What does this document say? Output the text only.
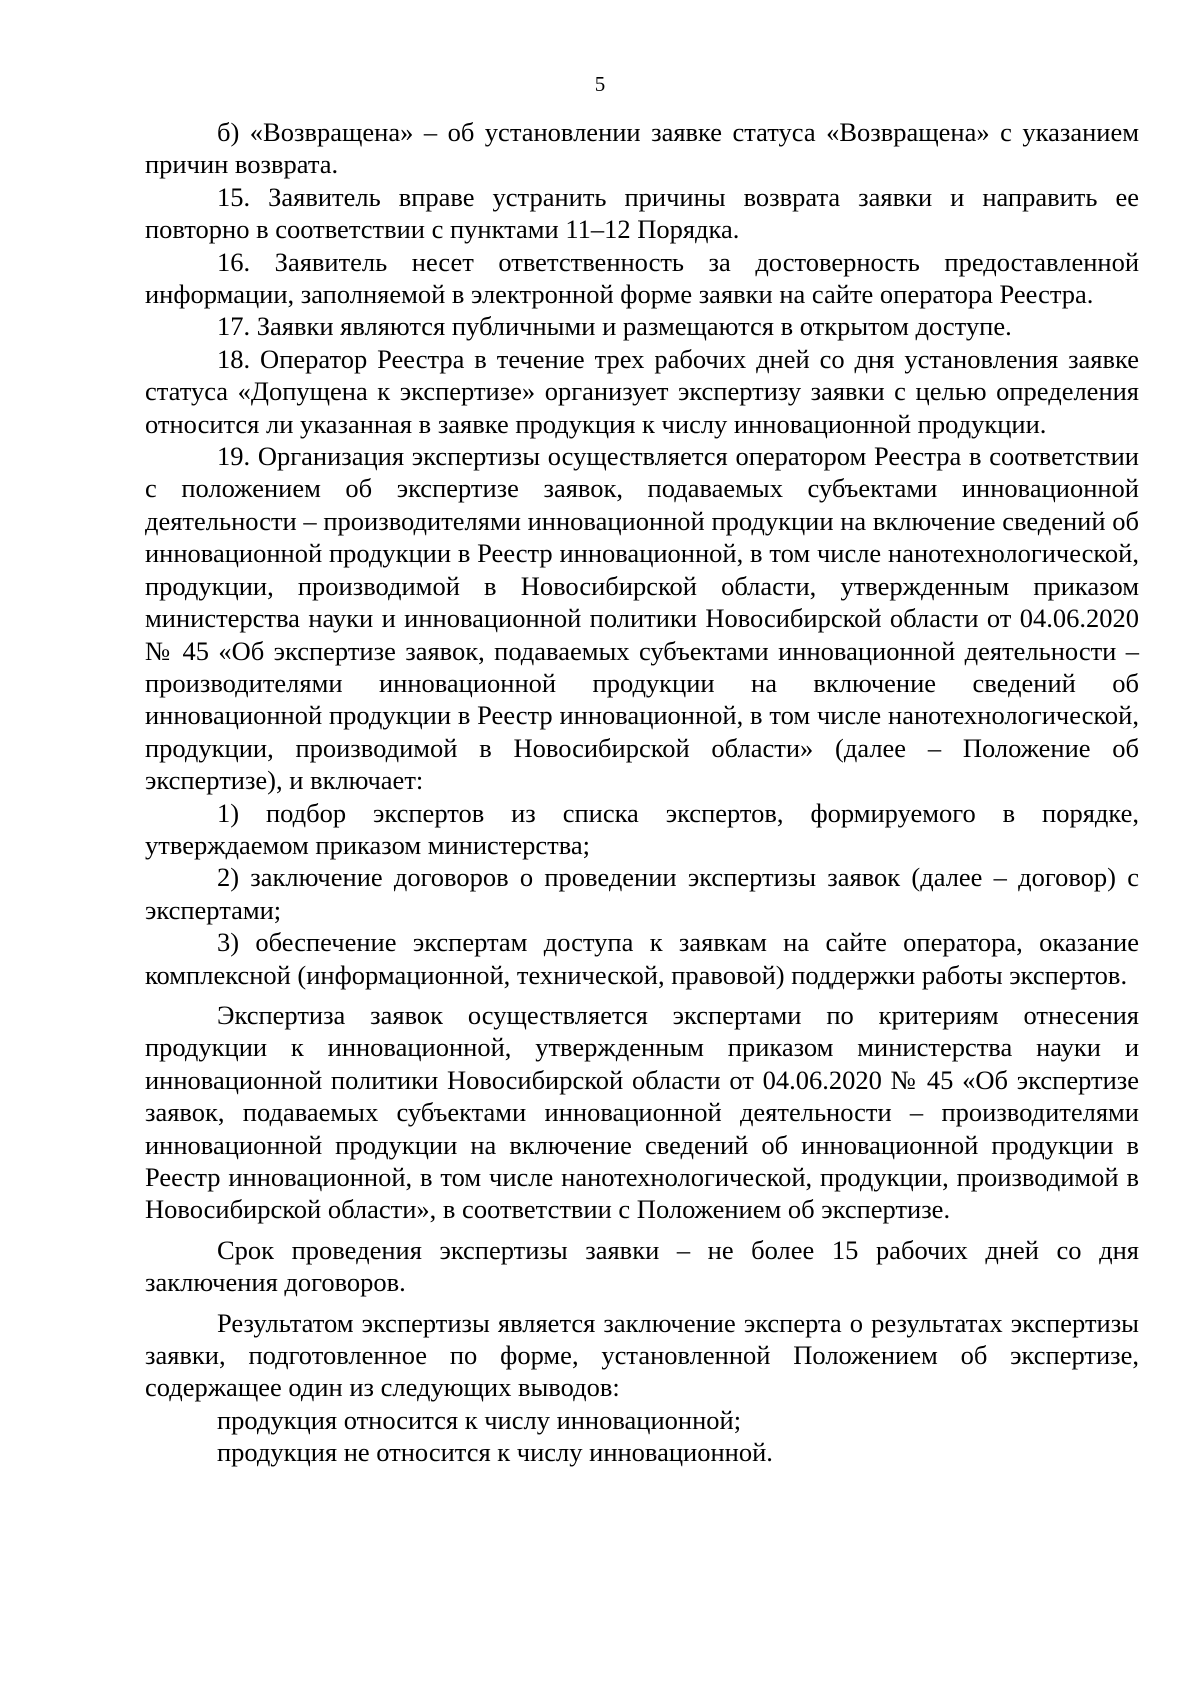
5

б) «Возвращена» – об установлении заявке статуса «Возвращена» с указанием причин возврата.

15. Заявитель вправе устранить причины возврата заявки и направить ее повторно в соответствии с пунктами 11–12 Порядка.

16. Заявитель несет ответственность за достоверность предоставленной информации, заполняемой в электронной форме заявки на сайте оператора Реестра.

17. Заявки являются публичными и размещаются в открытом доступе.

18. Оператор Реестра в течение трех рабочих дней со дня установления заявке статуса «Допущена к экспертизе» организует экспертизу заявки с целью определения относится ли указанная в заявке продукция к числу инновационной продукции.

19. Организация экспертизы осуществляется оператором Реестра в соответствии с положением об экспертизе заявок, подаваемых субъектами инновационной деятельности – производителями инновационной продукции на включение сведений об инновационной продукции в Реестр инновационной, в том числе нанотехнологической, продукции, производимой в Новосибирской области, утвержденным приказом министерства науки и инновационной политики Новосибирской области от 04.06.2020 № 45 «Об экспертизе заявок, подаваемых субъектами инновационной деятельности – производителями инновационной продукции на включение сведений об инновационной продукции в Реестр инновационной, в том числе нанотехнологической, продукции, производимой в Новосибирской области» (далее – Положение об экспертизе), и включает:

1) подбор экспертов из списка экспертов, формируемого в порядке, утверждаемом приказом министерства;

2) заключение договоров о проведении экспертизы заявок (далее – договор) с экспертами;

3) обеспечение экспертам доступа к заявкам на сайте оператора, оказание комплексной (информационной, технической, правовой) поддержки работы экспертов.

Экспертиза заявок осуществляется экспертами по критериям отнесения продукции к инновационной, утвержденным приказом министерства науки и инновационной политики Новосибирской области от 04.06.2020 № 45 «Об экспертизе заявок, подаваемых субъектами инновационной деятельности – производителями инновационной продукции на включение сведений об инновационной продукции в Реестр инновационной, в том числе нанотехнологической, продукции, производимой в Новосибирской области», в соответствии с Положением об экспертизе.

Срок проведения экспертизы заявки – не более 15 рабочих дней со дня заключения договоров.

Результатом экспертизы является заключение эксперта о результатах экспертизы заявки, подготовленное по форме, установленной Положением об экспертизе, содержащее один из следующих выводов:

продукция относится к числу инновационной;

продукция не относится к числу инновационной.
